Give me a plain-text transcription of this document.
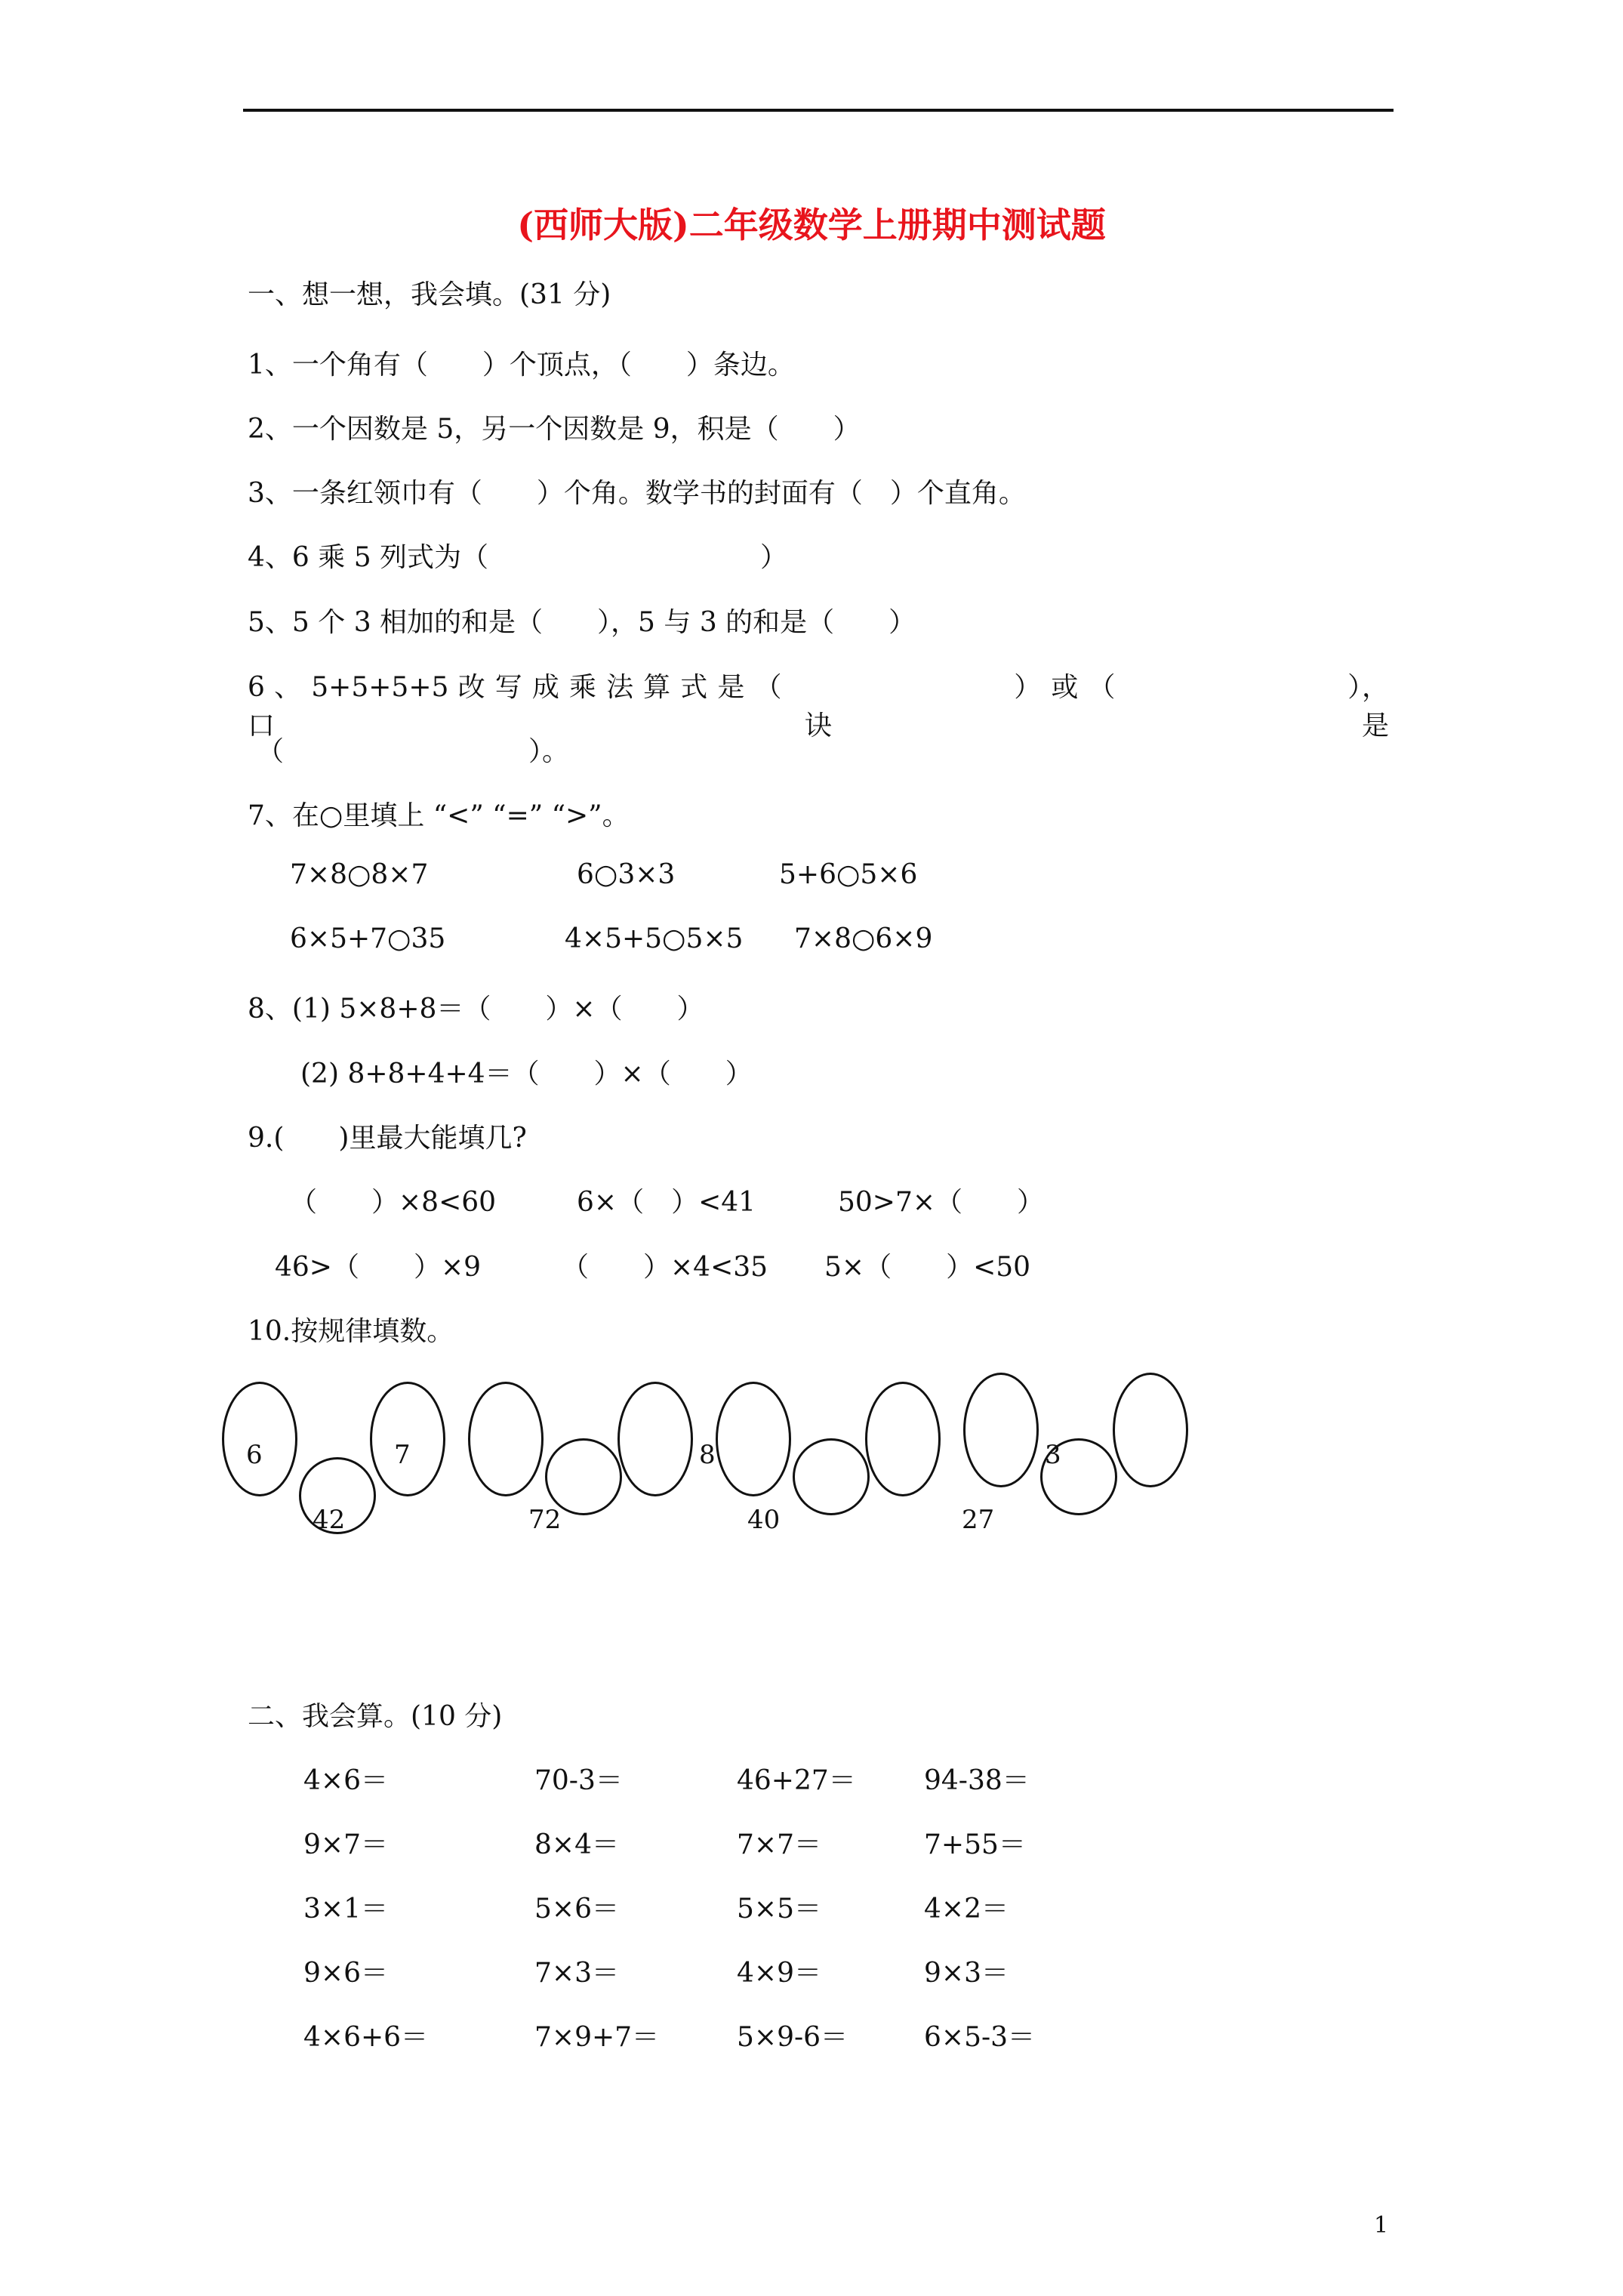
(西师大版)二年级数学上册期中测试题
一、想一想，我会填。(31 分)
1、一个角有（　　）个顶点，（　　）条边。
2、一个因数是 5，另一个因数是 9，积是（　　）
3、一条红领巾有（　　）个角。数学书的封面有（　）个直角。
4、6 乘 5 列式为（　　　　　　　　　　）
5、5 个 3 相加的和是（　　），5 与 3 的和是（　　）
6 、 5+5+5+5 改 写 成 乘 法 算 式 是 （　　　　　　　　 ） 或 （　　　　　　　　 ）， 口 诀 是
（　　　　　　　　　）。
7、在○里填上 “<” “=” “>”。
7×8○8×7	6○3×3	5+6○5×6
6×5+7○35	4×5+5○5×5 7×8○6×9
8、(1) 5×8+8＝（　　）×（　　）
(2) 8+8+4+4＝（　　）×（　　）
9.(　　)里最大能填几?
（　　）×8<60	6×（　）<41	50>7×（　　）
46>（　　）×9	（　　）×4<35 5×（　　）<50
10.按规律填数。
6	7
42	72
8
40
3
27
二、我会算。(10 分)
4×6＝	70-3＝	46+27＝	94-38＝
9×7＝	8×4＝	7×7＝	7+55＝
3×1＝	5×6＝	5×5＝	4×2＝
9×6＝	7×3＝	4×9＝	9×3＝
4×6+6＝	7×9+7＝	5×9-6＝	6×5-3＝
1
